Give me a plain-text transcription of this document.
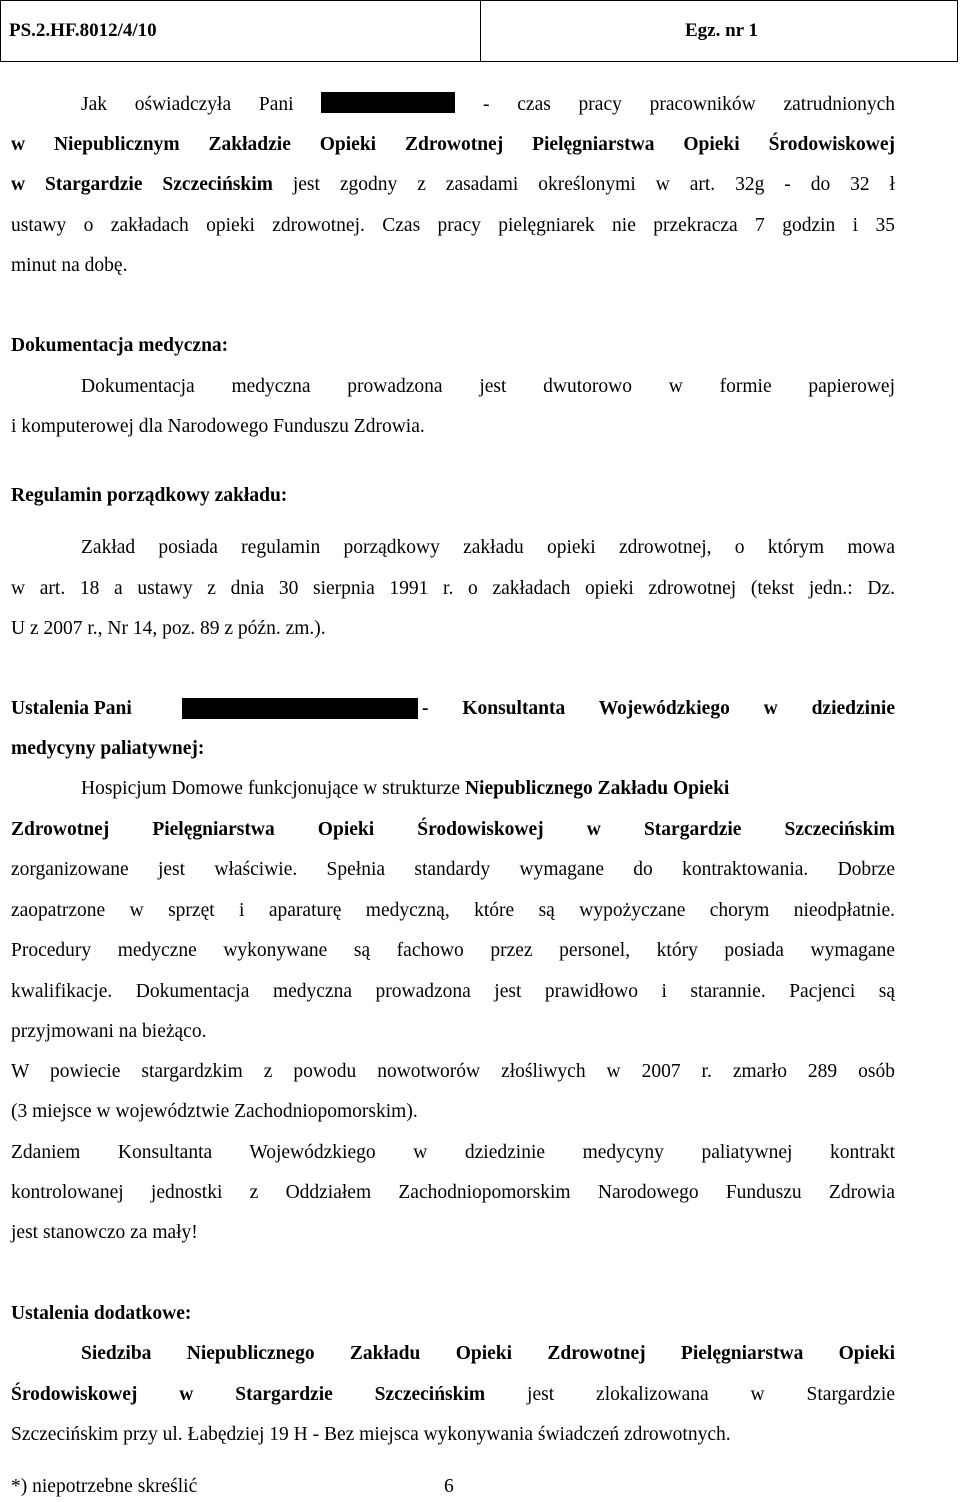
PS.2.HF.8012/4/10	Egz. nr 1
Jak oświadczyła Pani	- czas pracy pracowników zatrudnionych
w Niepublicznym Zakładzie Opieki Zdrowotnej Pielęgniarstwa Opieki Środowiskowej
w Stargardzie Szczecińskim jest zgodny z zasadami określonymi w art. 32g - do 32 ł
ustawy o zakładach opieki zdrowotnej. Czas pracy pielęgniarek nie przekracza 7 godzin i 35
minut na dobę.
Dokumentacja medyczna:
Dokumentacja medyczna prowadzona jest dwutorowo w formie papierowej
i komputerowej dla Narodowego Funduszu Zdrowia.
Regulamin porządkowy zakładu:
Zakład posiada regulamin porządkowy zakładu opieki zdrowotnej, o którym mowa
w art. 18 a ustawy z dnia 30 sierpnia 1991 r. o zakładach opieki zdrowotnej (tekst jedn.: Dz.
U z 2007 r., Nr 14, poz. 89 z późn. zm.).
Ustalenia Pani	- Konsultanta Wojewódzkiego w dziedzinie
medycyny paliatywnej:
Hospicjum Domowe funkcjonujące w strukturze Niepublicznego Zakładu Opieki
Zdrowotnej Pielęgniarstwa Opieki Środowiskowej w Stargardzie Szczecińskim
zorganizowane jest właściwie. Spełnia standardy wymagane do kontraktowania. Dobrze
zaopatrzone w sprzęt i aparaturę medyczną, które są wypożyczane chorym nieodpłatnie.
Procedury medyczne wykonywane są fachowo przez personel, który posiada wymagane
kwalifikacje. Dokumentacja medyczna prowadzona jest prawidłowo i starannie. Pacjenci są
przyjmowani na bieżąco.
W powiecie stargardzkim z powodu nowotworów złośliwych w 2007 r. zmarło 289 osób
(3 miejsce w województwie Zachodniopomorskim).
Zdaniem Konsultanta Wojewódzkiego w dziedzinie medycyny paliatywnej kontrakt
kontrolowanej jednostki z Oddziałem Zachodniopomorskim Narodowego Funduszu Zdrowia
jest stanowczo za mały!
Ustalenia dodatkowe:
Siedziba Niepublicznego Zakładu Opieki Zdrowotnej Pielęgniarstwa Opieki
Środowiskowej w Stargardzie Szczecińskim jest zlokalizowana w Stargardzie
Szczecińskim przy ul. Łabędziej 19 H - Bez miejsca wykonywania świadczeń zdrowotnych.
*) niepotrzebne skreślić	6
